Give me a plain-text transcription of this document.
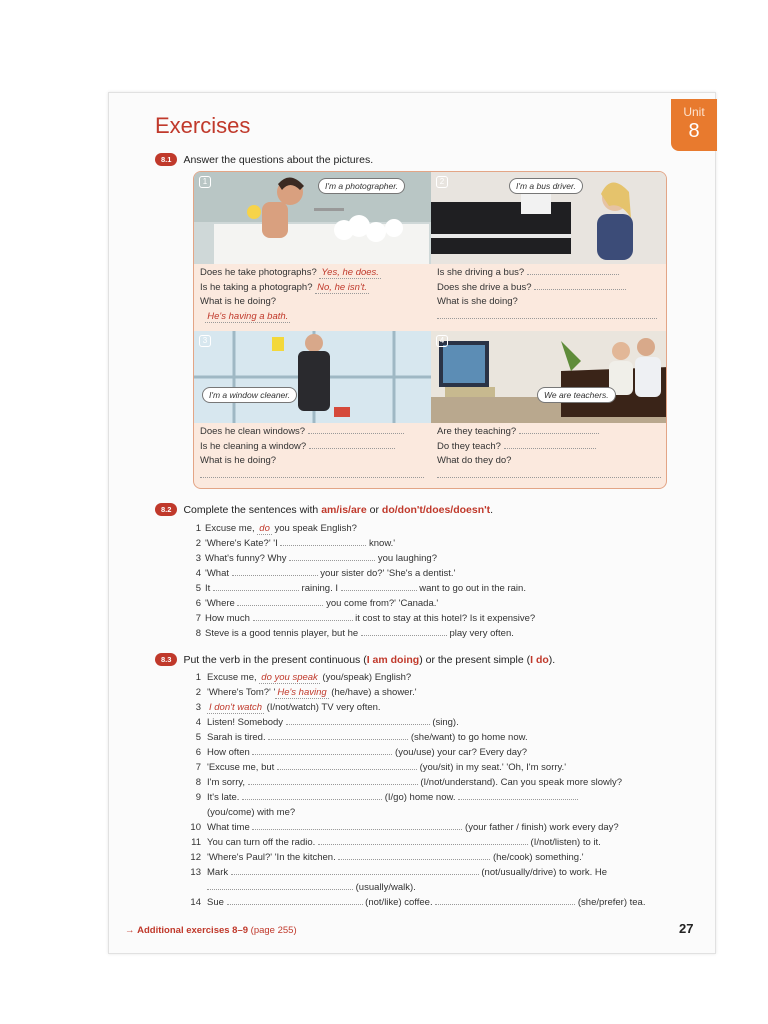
Unit
8
Exercises
8.1 Answer the questions about the pictures.
1	I'm a photographer.
Does he take photographs? Yes, he does.
Is he taking a photograph? No, he isn't.
What is he doing?
He's having a bath.
2	I'm a bus driver.
Is she driving a bus?
Does she drive a bus?
What is she doing?
3
I'm a window cleaner.
Does he clean windows?
Is he cleaning a window?
What is he doing?
4
We are teachers.
Are they teaching?
Do they teach?
What do they do?
8.2 Complete the sentences with am/is/are or do/don't/does/doesn't.
1 Excuse me, do you speak English?
2 'Where's Kate?' 'I	know.'
3 What's funny? Why	you laughing?
4 'What	your sister do?' 'She's a dentist.'
5 It	raining. I	want to go out in the rain.
6 'Where	you come from?' 'Canada.'
7 How much	it cost to stay at this hotel? Is it expensive?
8 Steve is a good tennis player, but he	play very often.
8.3 Put the verb in the present continuous (I am doing) or the present simple (I do).
1 Excuse me, do you speak (you/speak) English?
2 'Where's Tom?' ' He's having (he/have) a shower.'
3 I don't watch (I/not/watch) TV very often.
4 Listen! Somebody	(sing).
5 Sarah is tired.	(she/want) to go home now.
6 How often	(you/use) your car? Every day?
7 'Excuse me, but	(you/sit) in my seat.' 'Oh, I'm sorry.'
8 I'm sorry,	(I/not/understand). Can you speak more slowly?
9 It's late.	(I/go) home now.
(you/come) with me?
10 What time	(your father / finish) work every day?
11 You can turn off the radio.	(I/not/listen) to it.
12 'Where's Paul?' 'In the kitchen.	(he/cook) something.'
13 Mark	(not/usually/drive) to work. He
(usually/walk).
14 Sue	(not/like) coffee.	(she/prefer) tea.
→ Additional exercises 8–9 (page 255)	27
